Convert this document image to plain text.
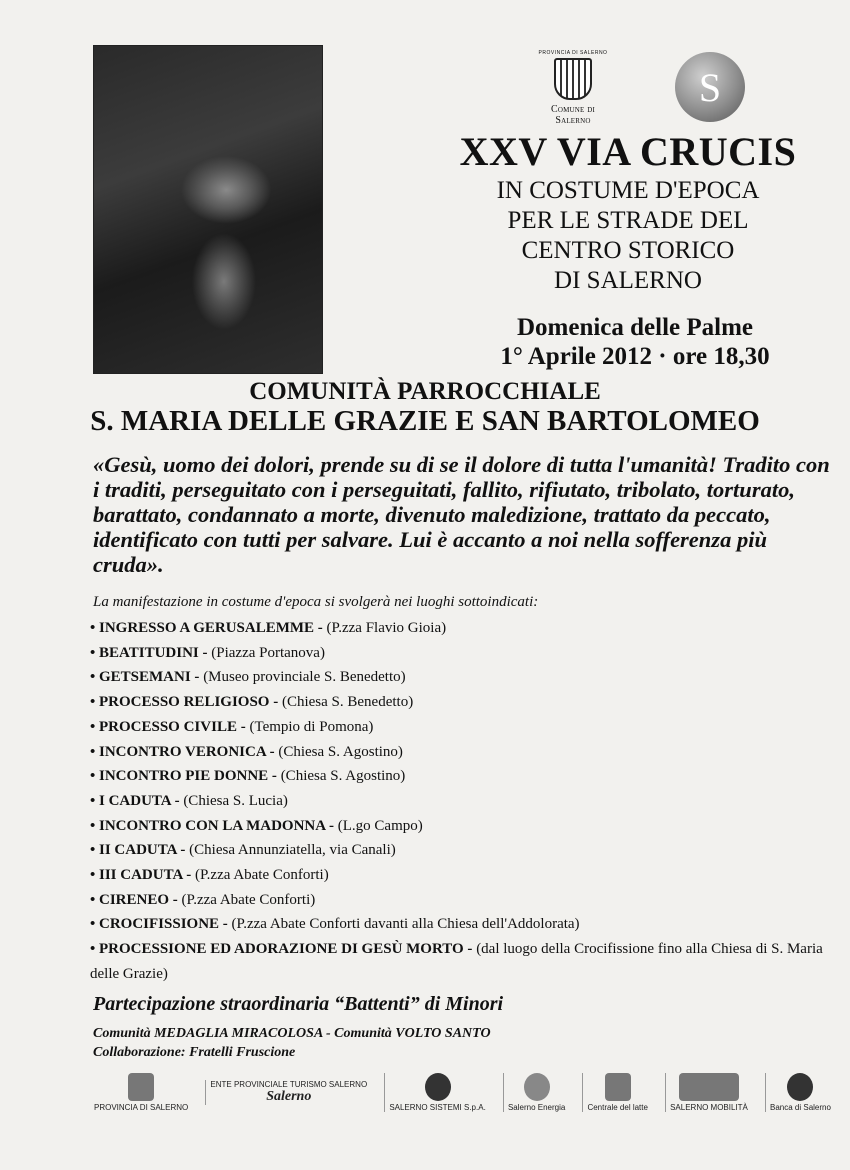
PROVINCIA DI SALERNO
Comune di Salerno
S
XXV VIA CRUCIS
IN COSTUME D'EPOCA
PER LE STRADE DEL
CENTRO STORICO
DI SALERNO
Domenica delle Palme
1° Aprile 2012 · ore 18,30
COMUNITÀ PARROCCHIALE
S. MARIA DELLE GRAZIE E SAN BARTOLOMEO
«Gesù, uomo dei dolori, prende su di se il dolore di tutta l'umanità! Tradito con i traditi, perseguitato con i perseguitati, fallito, rifiutato, tribolato, torturato, barattato, condannato a morte, divenuto maledizione, trattato da peccato, identificato con tutti per salvare. Lui è accanto a noi nella sofferenza più cruda».
La manifestazione in costume d'epoca si svolgerà nei luoghi sottoindicati:
• INGRESSO A GERUSALEMME - (P.zza Flavio Gioia)
• BEATITUDINI - (Piazza Portanova)
• GETSEMANI - (Museo provinciale S. Benedetto)
• PROCESSO RELIGIOSO - (Chiesa S. Benedetto)
• PROCESSO CIVILE - (Tempio di Pomona)
• INCONTRO VERONICA - (Chiesa S. Agostino)
• INCONTRO PIE DONNE - (Chiesa S. Agostino)
• I CADUTA - (Chiesa S. Lucia)
• INCONTRO CON LA MADONNA - (L.go Campo)
• II CADUTA - (Chiesa Annunziatella, via Canali)
• III CADUTA - (P.zza Abate Conforti)
• CIRENEO - (P.zza Abate Conforti)
• CROCIFISSIONE - (P.zza Abate Conforti davanti alla Chiesa dell'Addolorata)
• PROCESSIONE ED ADORAZIONE DI GESÙ MORTO - (dal luogo della Crocifissione fino alla Chiesa di S. Maria delle Grazie)
Partecipazione straordinaria “Battenti” di Minori
Comunità MEDAGLIA MIRACOLOSA - Comunità VOLTO SANTO
Collaborazione: Fratelli Fruscione
PROVINCIA DI SALERNO
ENTE PROVINCIALE TURISMO SALERNO
Salerno
SALERNO SISTEMI S.p.A.	Salerno Energia	Centrale del latte	SALERNO MOBILITÀ	Banca di Salerno
